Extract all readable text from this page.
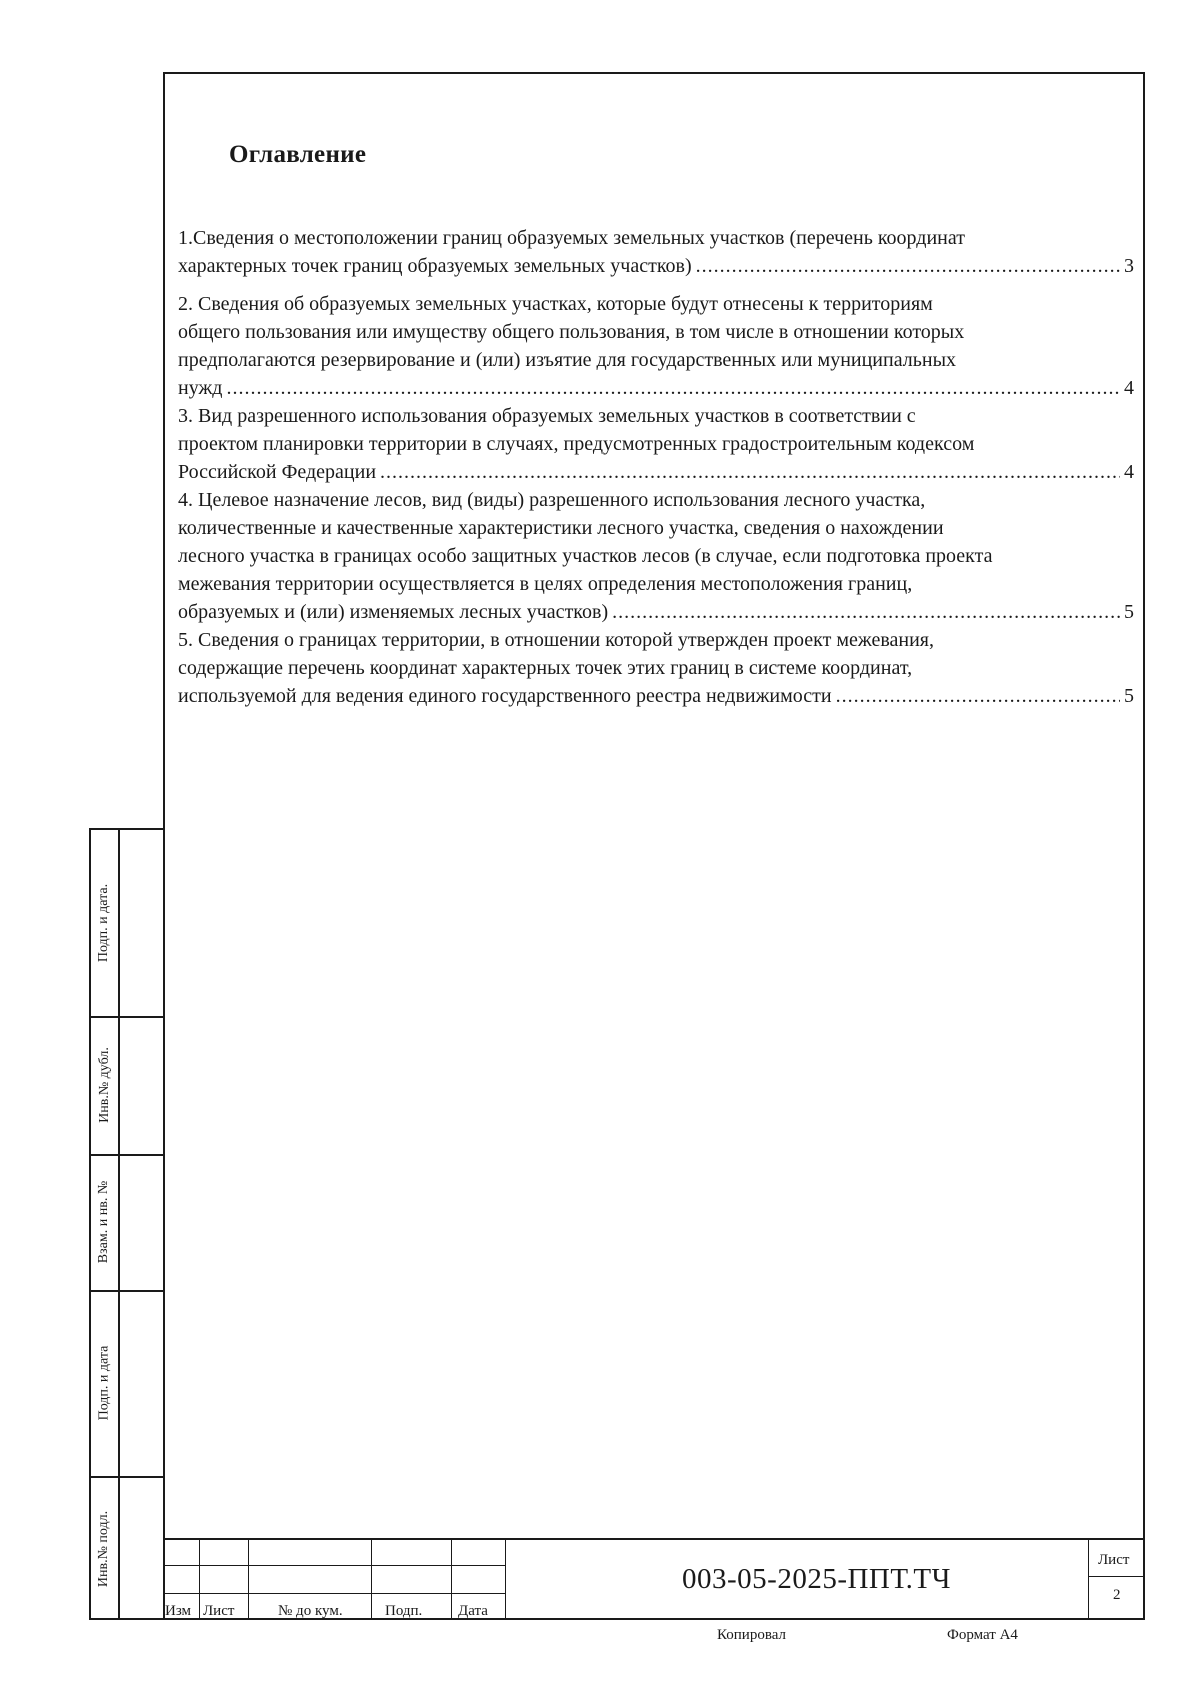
Оглавление
1.Сведения о местоположении границ образуемых земельных участков (перечень координат
характерных точек границ образуемых земельных участков) .....	3
2. Сведения об образуемых земельных участках, которые будут отнесены к территориям
общего пользования или имуществу общего пользования, в том числе в отношении которых
предполагаются резервирование и (или) изъятие для государственных или муниципальных
нужд .....	4
3. Вид разрешенного использования образуемых земельных участков в соответствии с
проектом планировки территории в случаях, предусмотренных градостроительным кодексом
Российской Федерации .....	4
4. Целевое назначение лесов, вид (виды) разрешенного использования лесного участка,
количественные и качественные характеристики лесного участка, сведения о нахождении
лесного участка в границах особо защитных участков лесов (в случае, если подготовка проекта
межевания территории осуществляется в целях определения местоположения границ,
образуемых и (или) изменяемых лесных участков) .....	5
5. Сведения о границах территории, в отношении которой утвержден проект межевания,
содержащие перечень координат характерных точек этих границ в системе координат,
используемой для ведения единого государственного реестра недвижимости .....	5
Подп. и дата.
Инв.№ дубл.
Взам. и нв. №
Подп. и дата
Инв.№ подл.
Изм Лист	№ до кум.	Подп. Дата
003-05-2025-ППТ.ТЧ
Лист
2
Копировал	Формат А4
